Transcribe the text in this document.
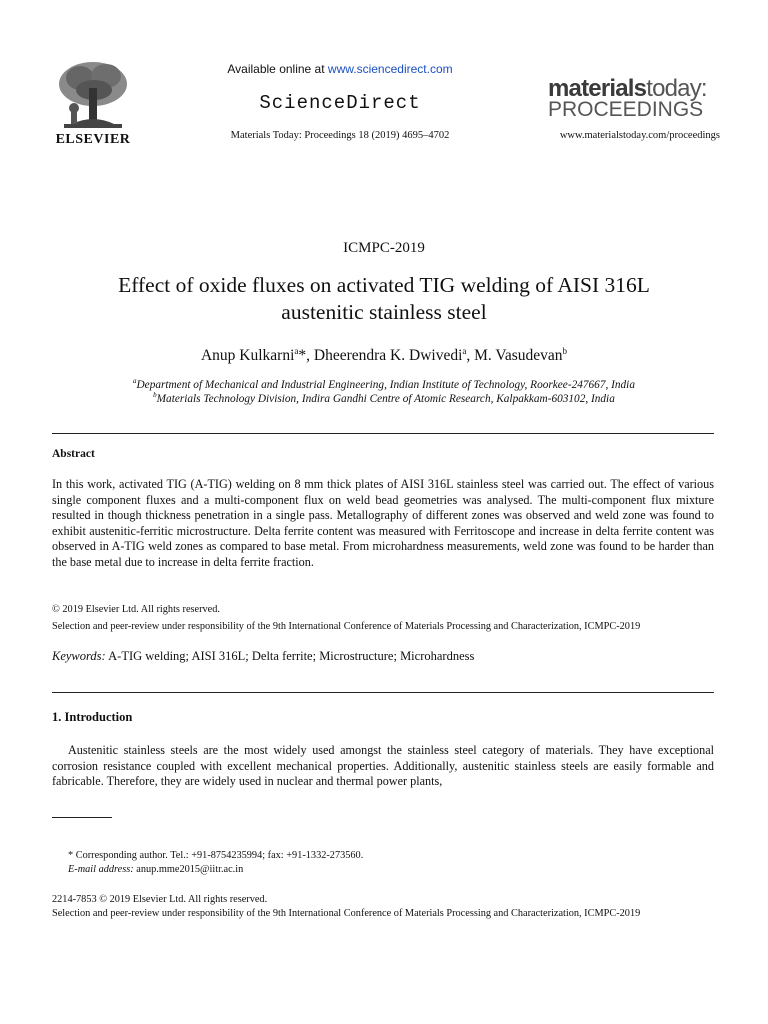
ELSEVIER
Available online at www.sciencedirect.com
ScienceDirect
Materials Today: Proceedings 18 (2019) 4695–4702
materialstoday:
PROCEEDINGS
www.materialstoday.com/proceedings
ICMPC-2019
Effect of oxide fluxes on activated TIG welding of AISI 316L
austenitic stainless steel
Anup Kulkarni$^a$*, Dheerendra K. Dwivedi$^a$, M. Vasudevan$^b$
$^a$Department of Mechanical and Industrial Engineering, Indian Institute of Technology, Roorkee-247667, India
$^b$Materials Technology Division, Indira Gandhi Centre of Atomic Research, Kalpakkam-603102, India
Abstract
In this work, activated TIG (A-TIG) welding on 8 mm thick plates of AISI 316L stainless steel was carried out. The effect of various single component fluxes and a multi-component flux on weld bead geometries was analysed. The multi-component flux mixture resulted in though thickness penetration in a single pass. Metallography of different zones was observed and weld zone was found to exhibit austenitic-ferritic microstructure. Delta ferrite content was measured with Ferritoscope and increase in delta ferrite content was observed in A-TIG weld zones as compared to base metal. From microhardness measurements, weld zone was found to be harder than the base metal due to increase in delta ferrite fraction.
© 2019 Elsevier Ltd. All rights reserved.
Selection and peer-review under responsibility of the 9th International Conference of Materials Processing and Characterization, ICMPC-2019
Keywords: A-TIG welding; AISI 316L; Delta ferrite; Microstructure; Microhardness
1. Introduction
Austenitic stainless steels are the most widely used amongst the stainless steel category of materials. They have exceptional corrosion resistance coupled with excellent mechanical properties. Additionally, austenitic stainless steels are easily formable and fabricable. Therefore, they are widely used in nuclear and thermal power plants,
* Corresponding author. Tel.: +91-8754235994; fax: +91-1332-273560.
E-mail address: anup.mme2015@iitr.ac.in
2214-7853 © 2019 Elsevier Ltd. All rights reserved.
Selection and peer-review under responsibility of the 9th International Conference of Materials Processing and Characterization, ICMPC-2019
